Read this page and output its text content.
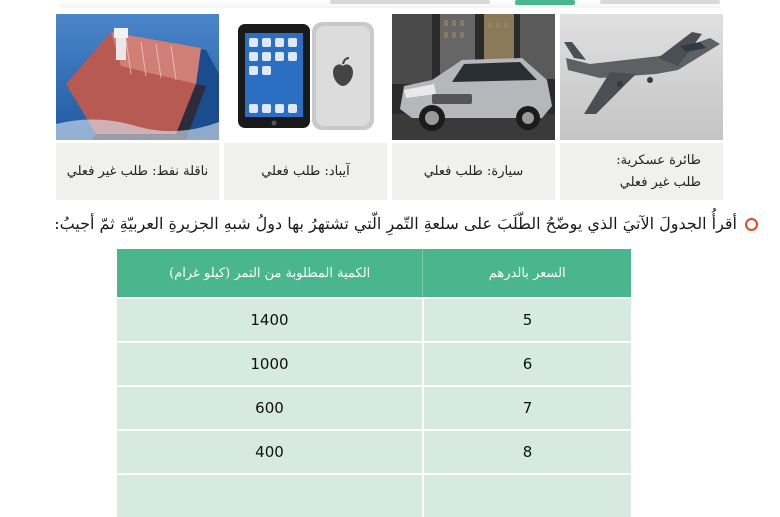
ناقلة نفط: طلب غير فعلي	آيباد: طلب فعلي	سيارة: طلب فعلي
طائرة عسكرية:
طلب غير فعلي
أقرأُ الجدولَ الآتيَ الذي يوضّحُ الطّلَبَ على سلعةِ التّمرِ الّتي تشتهرُ بها دولُ شبهِ الجزيرةِ العربيّةِ ثمّ أجيبُ:
السعر بالدرهم	الكمية المطلوبة من التمر (كيلو غرام)
5	1400
6	1000
7	600
8	400
